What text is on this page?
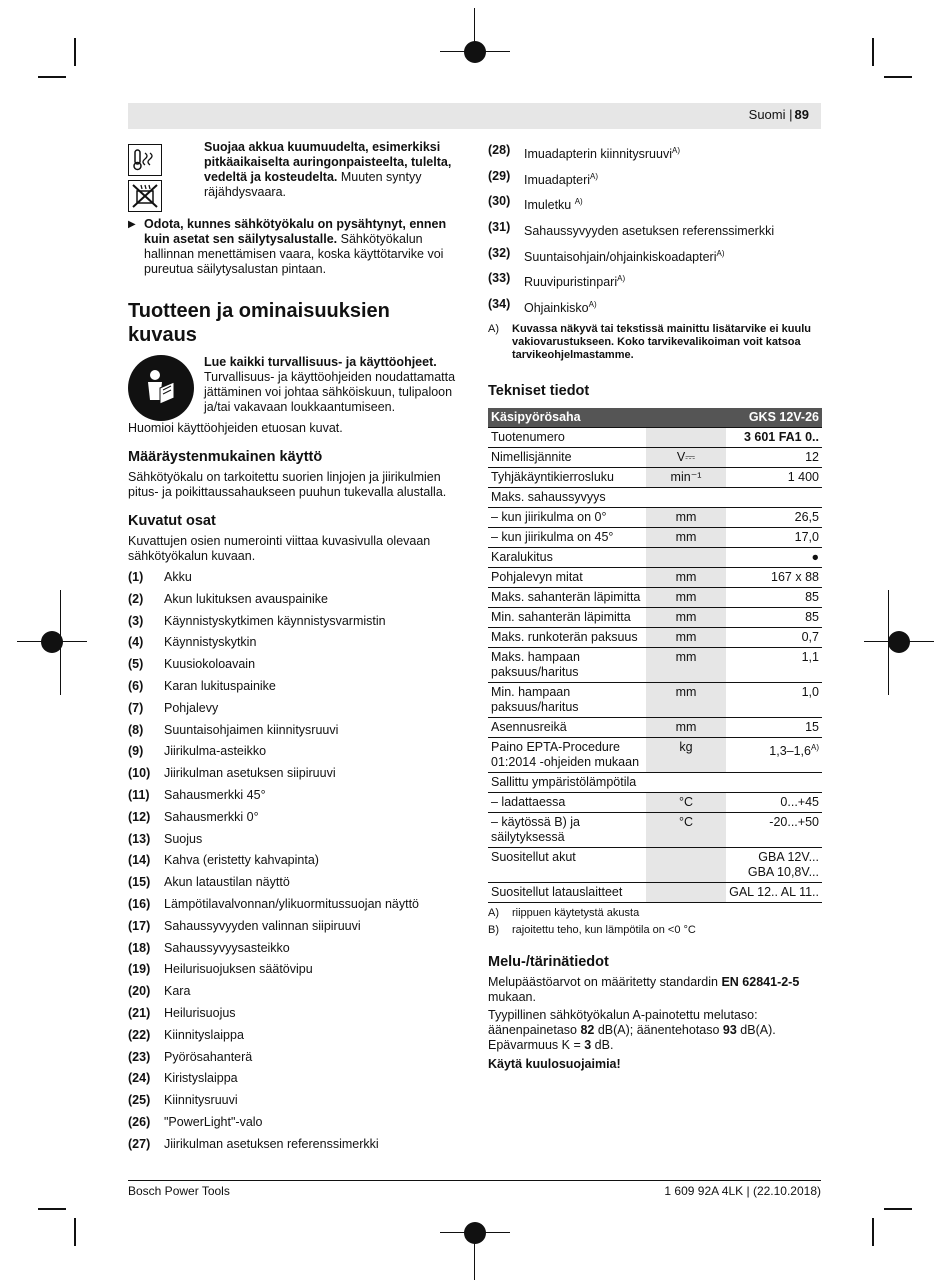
Suomi | 89

Suojaa akkua kuumuudelta, esimerkiksi pitkäaikaiselta auringonpaisteelta, tulelta, vedeltä ja kosteudelta. Muuten syntyy räjähdysvaara.

▶ Odota, kunnes sähkötyökalu on pysähtynyt, ennen kuin asetat sen säilytysalustalle. Sähkötyökalun hallinnan menettämisen vaara, koska käyttötarvike voi pureutua säilytysalustan pintaan.

Tuotteen ja ominaisuuksien kuvaus

Lue kaikki turvallisuus- ja käyttöohjeet. Turvallisuus- ja käyttöohjeiden noudattamatta jättäminen voi johtaa sähköiskuun, tulipaloon ja/tai vakavaan loukkaantumiseen.

Huomioi käyttöohjeiden etuosan kuvat.

Määräystenmukainen käyttö

Sähkötyökalu on tarkoitettu suorien linjojen ja jiirikulmien pitus- ja poikittaussahaukseen puuhun tukevalla alustalla.

Kuvatut osat

Kuvattujen osien numerointi viittaa kuvasivulla olevaan sähkötyökalun kuvaan.

(1)	Akku
(2)	Akun lukituksen avauspainike
(3)	Käynnistyskytkimen käynnistysvarmistin
(4)	Käynnistyskytkin
(5)	Kuusiokoloavain
(6)	Karan lukituspainike
(7)	Pohjalevy
(8)	Suuntaisohjaimen kiinnitysruuvi
(9)	Jiirikulma-asteikko
(10)	Jiirikulman asetuksen siipiruuvi
(11)	Sahausmerkki 45°
(12)	Sahausmerkki 0°
(13)	Suojus
(14)	Kahva (eristetty kahvapinta)
(15)	Akun lataustilan näyttö
(16)	Lämpötilavalvonnan/ylikuormitussuojan näyttö
(17)	Sahaussyvyyden valinnan siipiruuvi
(18)	Sahaussyvyysasteikko
(19)	Heilurisuojuksen säätövipu
(20)	Kara
(21)	Heilurisuojus
(22)	Kiinnityslaippa
(23)	Pyörösahanterä
(24)	Kiristyslaippa
(25)	Kiinnitysruuvi
(26)	"PowerLight"-valo
(27)	Jiirikulman asetuksen referenssimerkki
(28)	Imuadapterin kiinnitysruuvi$^{A)}$
(29)	Imuadapteri$^{A)}$
(30)	Imuletku $^{A)}$
(31)	Sahaussyvyyden asetuksen referenssimerkki
(32)	Suuntaisohjain/ohjainkiskoadapteri$^{A)}$
(33)	Ruuvipuristinpari$^{A)}$
(34)	Ohjainkisko$^{A)}$
A)	Kuvassa näkyvä tai tekstissä mainittu lisätarvike ei kuulu vakiovarustukseen. Koko tarvikevalikoiman voit katsoa tarvikeohjelmastamme.
Tekniset tiedot
Käsipyörösaha		GKS 12V-26
Tuotenumero		3 601 FA1 0..
Nimellisjännite	V⎓	12
Tyhjäkäyntikierrosluku	min⁻¹	1 400
Maks. sahaussyvyys		
– kun jiirikulma on 0°	mm	26,5
– kun jiirikulma on 45°	mm	17,0
Karalukitus		●
Pohjalevyn mitat	mm	167 x 88
Maks. sahanterän läpimitta	mm	85
Min. sahanterän läpimitta	mm	85
Maks. runkoterän paksuus	mm	0,7
Maks. hampaan paksuus/haritus	mm	1,1
Min. hampaan paksuus/haritus	mm	1,0
Asennusreikä	mm	15
Paino EPTA-Procedure 01:2014 -ohjeiden mukaan	kg	$1,3-1,6^{A)}$
Sallittu ympäristölämpötila		
– ladattaessa	°C	0...+45
– käytössä B) ja säilytyksessä	°C	-20...+50
Suositellut akut		GBA 12V... GBA 10,8V...
Suositellut latauslaitteet		GAL 12.. AL 11..
A)	riippuen käytetystä akusta
B)	rajoitettu teho, kun lämpötila on <0 °C
Melu-/tärinätiedot

Melupäästöarvot on määritetty standardin EN 62841-2-5 mukaan.

Tyypillinen sähkötyökalun A-painotettu melutaso: äänenpainetaso 82 dB(A); äänentehotaso 93 dB(A). Epävarmuus K = 3 dB.

Käytä kuulosuojaimia!

Bosch Power Tools	1 609 92A 4LK | (22.10.2018)
